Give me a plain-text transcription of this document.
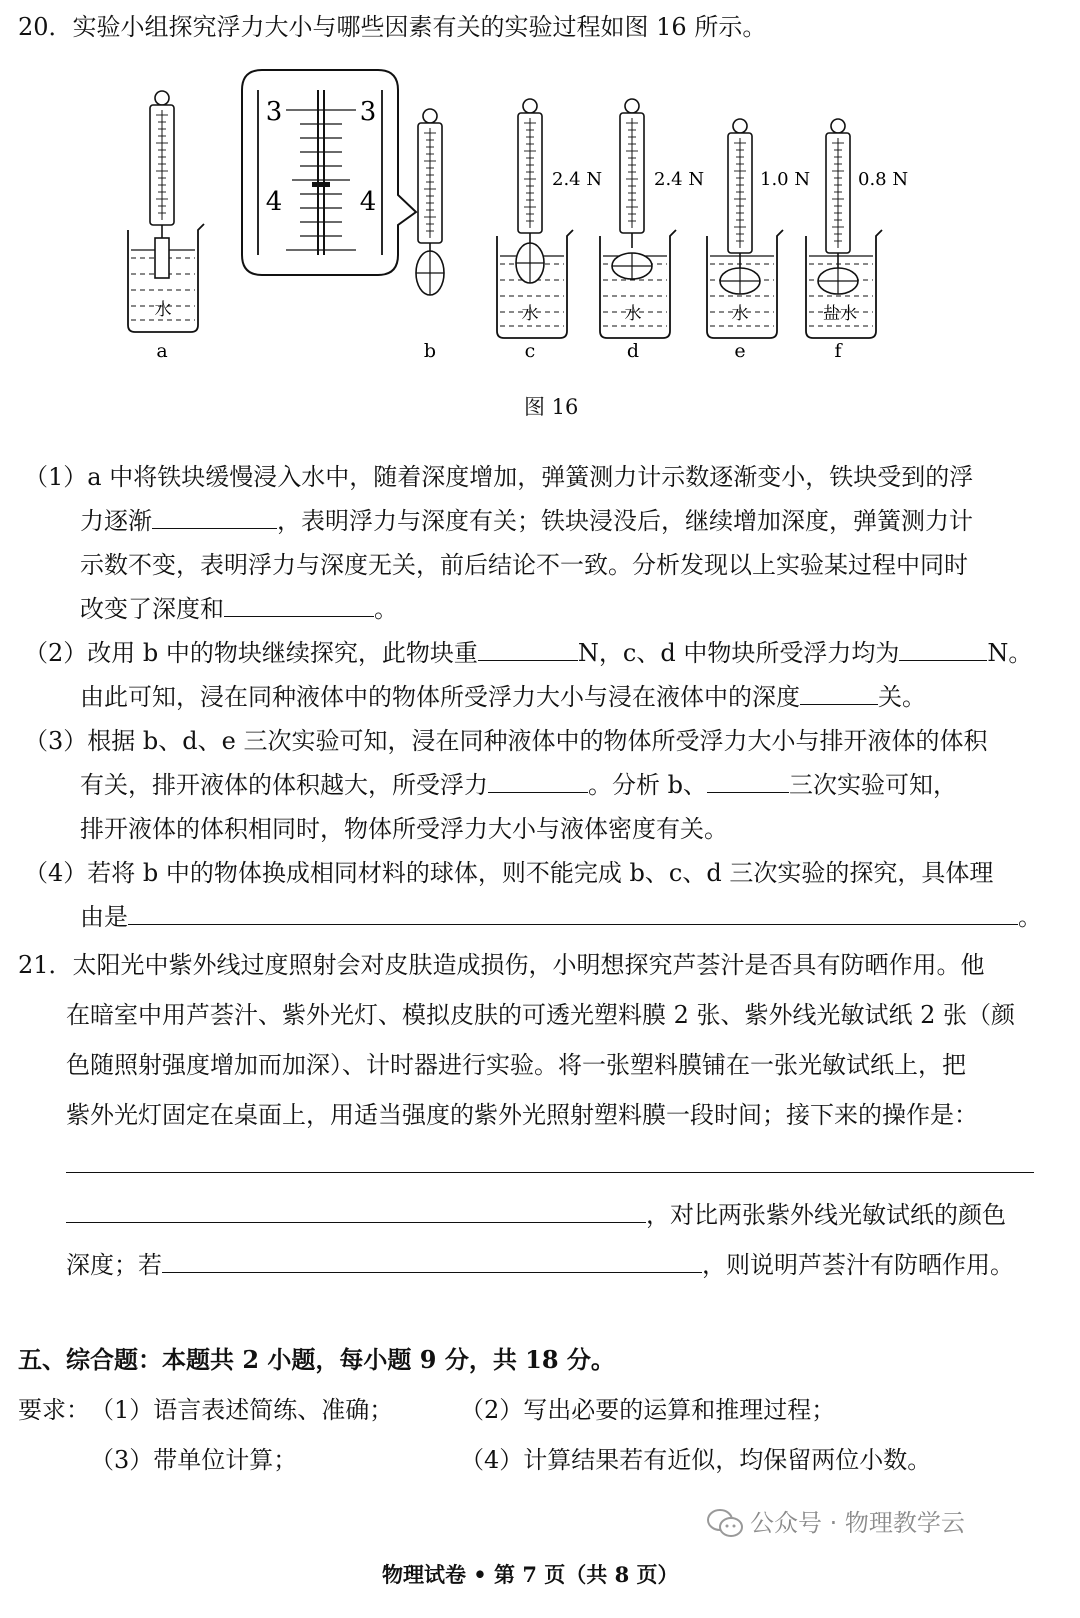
20．实验小组探究浮力大小与哪些因素有关的实验过程如图 16 所示。
水
a
3	3
4	4
b
2.4 N
水
c
2.4 N
水
d
1.0 N
水
e
0.8 N
盐水
f
图 16
（1）a 中将铁块缓慢浸入水中，随着深度增加，弹簧测力计示数逐渐变小，铁块受到的浮
力逐渐	，表明浮力与深度有关；铁块浸没后，继续增加深度，弹簧测力计
示数不变，表明浮力与深度无关，前后结论不一致。分析发现以上实验某过程中同时
改变了深度和	。
（2）改用 b 中的物块继续探究，此物块重	N，c、d 中物块所受浮力均为	N。
由此可知，浸在同种液体中的物体所受浮力大小与浸在液体中的深度	关。
（3）根据 b、d、e 三次实验可知，浸在同种液体中的物体所受浮力大小与排开液体的体积
有关，排开液体的体积越大，所受浮力	。分析 b、	三次实验可知，
排开液体的体积相同时，物体所受浮力大小与液体密度有关。
（4）若将 b 中的物体换成相同材料的球体，则不能完成 b、c、d 三次实验的探究，具体理
由是	。
21．太阳光中紫外线过度照射会对皮肤造成损伤，小明想探究芦荟汁是否具有防晒作用。他
在暗室中用芦荟汁、紫外光灯、模拟皮肤的可透光塑料膜 2 张、紫外线光敏试纸 2 张（颜
色随照射强度增加而加深）、计时器进行实验。将一张塑料膜铺在一张光敏试纸上，把
紫外光灯固定在桌面上，用适当强度的紫外光照射塑料膜一段时间；接下来的操作是：
，对比两张紫外线光敏试纸的颜色
深度；若	，则说明芦荟汁有防晒作用。
五、综合题：本题共 2 小题，每小题 9 分，共 18 分。
要求： （1）语言表述简练、准确；	（2）写出必要的运算和推理过程；
（3）带单位计算；	（4）计算结果若有近似，均保留两位小数。
物理试卷 • 第 7 页（共 8 页）
公众号 · 物理教学云
